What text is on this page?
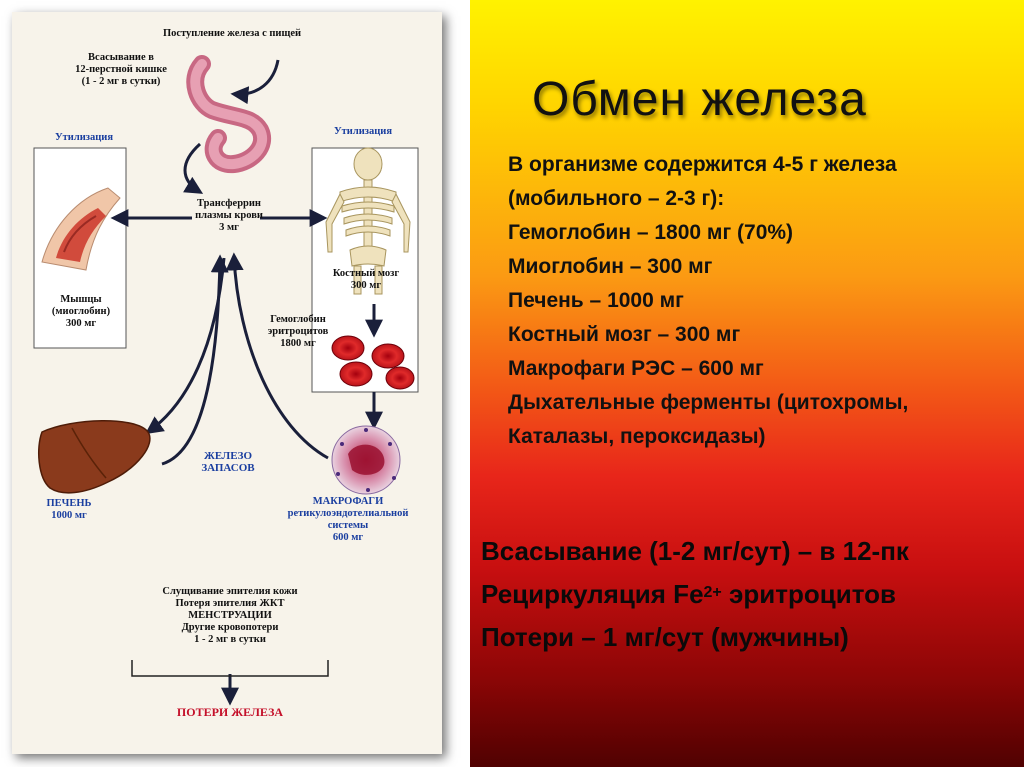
Поступление железа с пищей
Всасывание в
12-перстной кишке
(1 - 2 мг в сутки)
Утилизация
Утилизация
Трансферрин
плазмы крови
3 мг
Мышцы
(миоглобин)
300 мг
Костный мозг
300 мг
Гемоглобин
эритроцитов
1800 мг
ЖЕЛЕЗО
ЗАПАСОВ
ПЕЧЕНЬ
1000 мг
МАКРОФАГИ
ретикулоэндотелиальной
системы
600 мг
Слущивание эпителия кожи
Потеря эпителия ЖКТ
МЕНСТРУАЦИИ
Другие кровопотери
1 - 2 мг в сутки
ПОТЕРИ ЖЕЛЕЗА
Обмен железа
В организме содержится 4-5 г железа
(мобильного – 2-3 г):
Гемоглобин – 1800 мг (70%)
Миоглобин – 300 мг
Печень – 1000 мг
Костный мозг – 300 мг
Макрофаги РЭС – 600 мг
Дыхательные ферменты (цитохромы,
Каталазы, пероксидазы)
Всасывание (1-2 мг/сут) – в 12-пк
Рециркуляция $Fe^{2+}$ эритроцитов
Потери – 1 мг/сут (мужчины)
